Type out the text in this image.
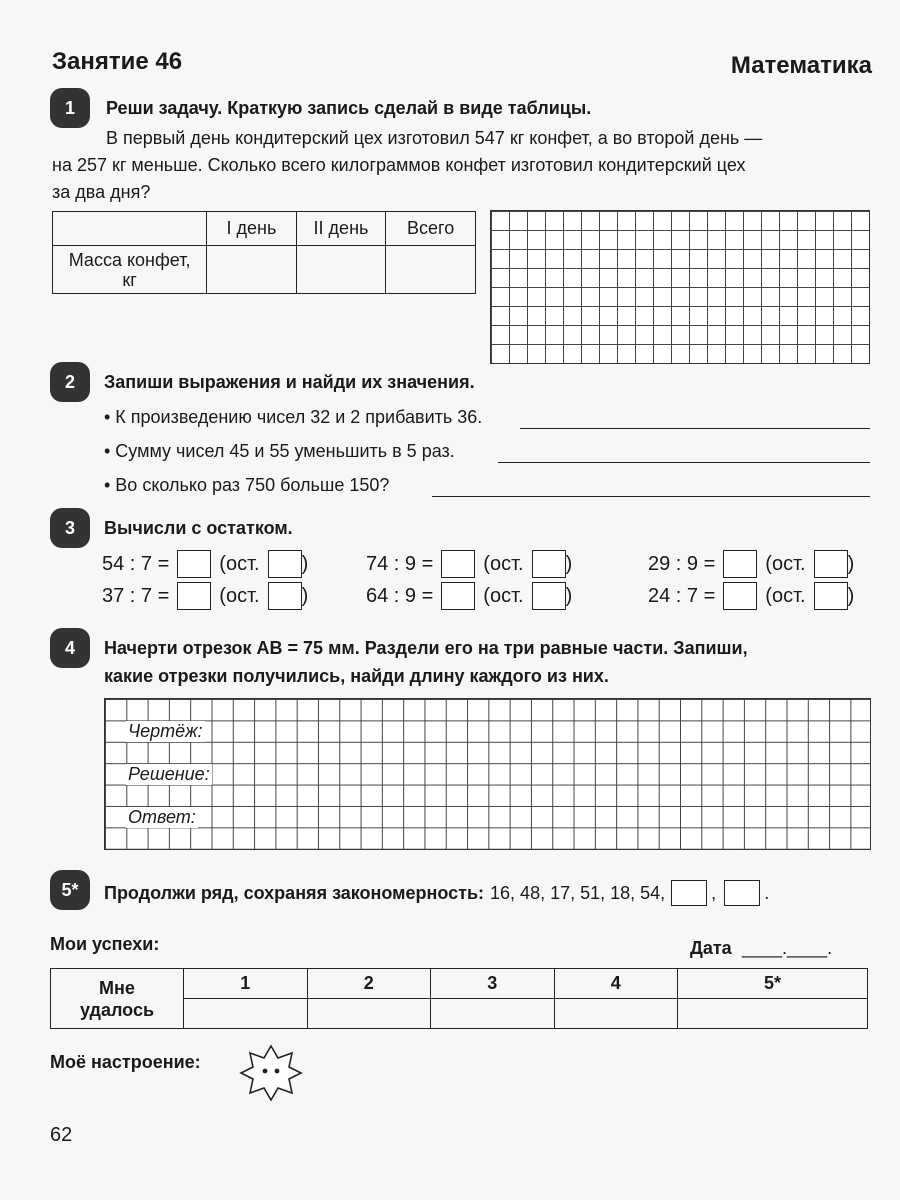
Занятие 46	Математика
1	Реши задачу. Краткую запись сделай в виде таблицы.
В первый день кондитерский цех изготовил 547 кг конфет, а во второй день —
на 257 кг меньше. Сколько всего килограммов конфет изготовил кондитерский цех
за два дня?
	I день	II день	Всего

Масса конфет,
кг			

2	Запиши выражения и найди их значения.
• К произведению чисел 32 и 2 прибавить 36.
• Сумму чисел 45 и 55 уменьшить в 5 раз.
• Во сколько раз 750 больше 150?
3	Вычисли с остатком.
54 : 7 =	(ост. )	74 : 9 =	(ост. )	29 : 9 =	(ост. )
37 : 7 =	(ост. )	64 : 9 =	(ост. )	24 : 7 =	(ост. )
4	Начерти отрезок AB = 75 мм. Раздели его на три равные части. Запиши,
какие отрезки получились, найди длину каждого из них.
Чертёж:
Решение:
Ответ:
5*	Продолжи ряд, сохраняя закономерность: 16, 48, 17, 51, 18, 54,	,	.
Мои успехи:	Дата ____.____.
Мне
удалось	1	2	3	4	5*

Моё настроение:
62
